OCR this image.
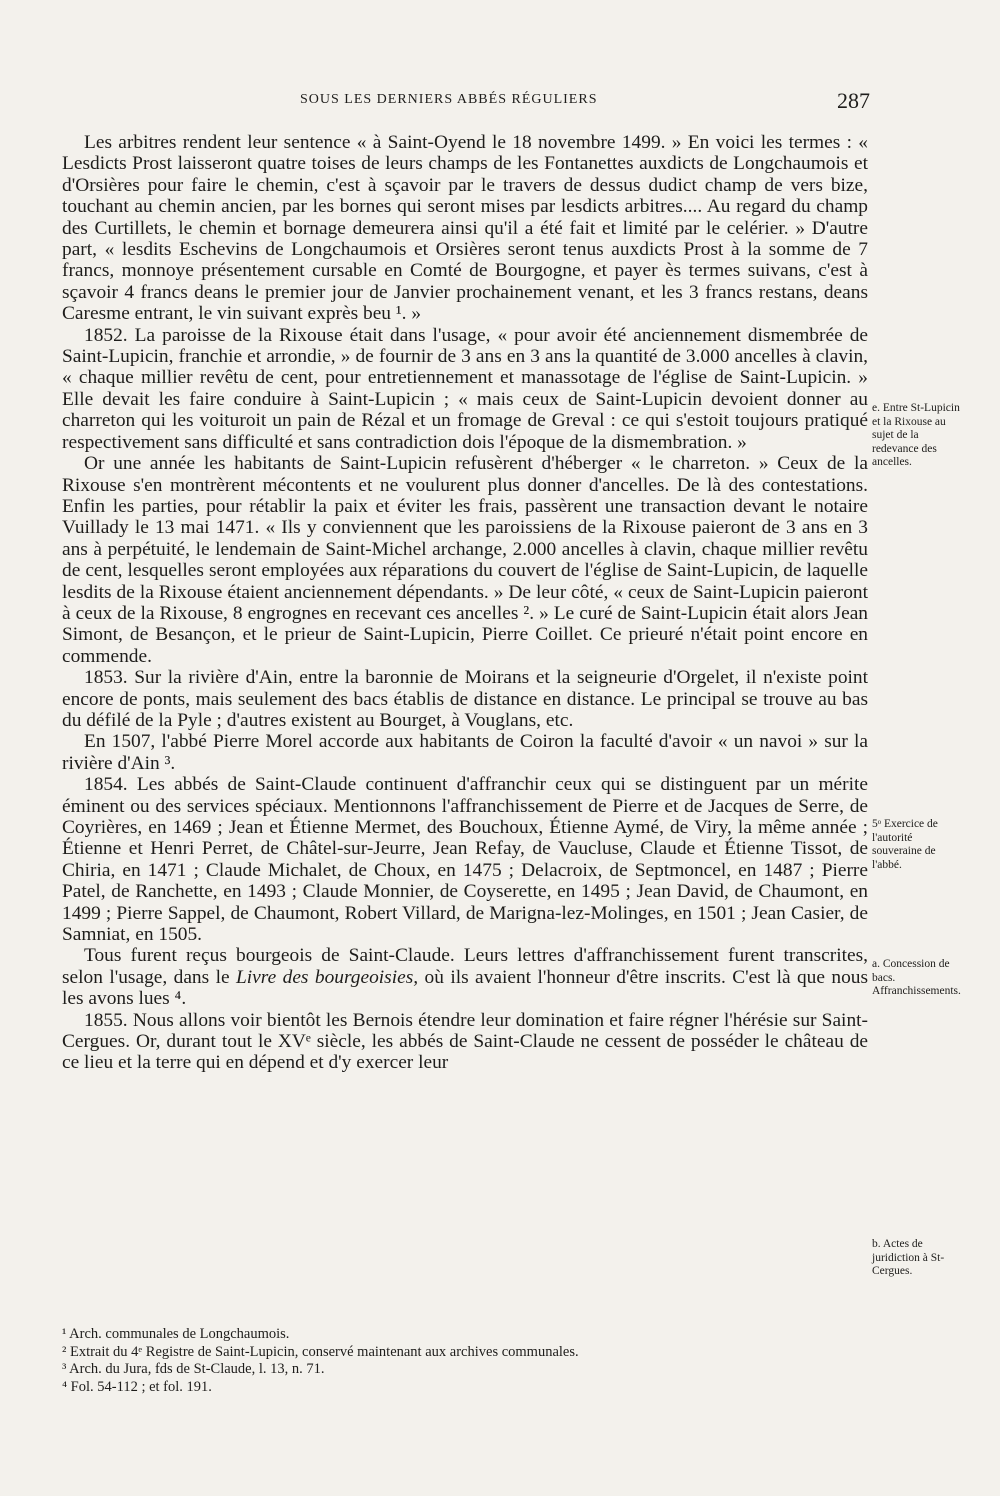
SOUS LES DERNIERS ABBÉS RÉGULIERS	287

Les arbitres rendent leur sentence « à Saint-Oyend le 18 novembre 1499. » En voici les termes : « Lesdicts Prost laisseront quatre toises de leurs champs de les Fontanettes auxdicts de Longchaumois et d'Orsières pour faire le chemin, c'est à sçavoir par le travers de dessus dudict champ de vers bize, touchant au chemin ancien, par les bornes qui seront mises par lesdicts arbitres.... Au regard du champ des Curtillets, le chemin et bornage demeurera ainsi qu'il a été fait et limité par le celérier. » D'autre part, « lesdits Eschevins de Longchaumois et Orsières seront tenus auxdicts Prost à la somme de 7 francs, monnoye présentement cursable en Comté de Bourgogne, et payer ès termes suivans, c'est à sçavoir 4 francs deans le premier jour de Janvier prochainement venant, et les 3 francs restans, deans Caresme entrant, le vin suivant exprès beu ¹. »

1852. La paroisse de la Rixouse était dans l'usage, « pour avoir été anciennement dismembrée de Saint-Lupicin, franchie et arrondie, » de fournir de 3 ans en 3 ans la quantité de 3.000 ancelles à clavin, « chaque millier revêtu de cent, pour entretiennement et manassotage de l'église de Saint-Lupicin. » Elle devait les faire conduire à Saint-Lupicin ; « mais ceux de Saint-Lupicin devoient donner au charreton qui les voituroit un pain de Rézal et un fromage de Greval : ce qui s'estoit toujours pratiqué respectivement sans difficulté et sans contradiction dois l'époque de la dismembration. »

Or une année les habitants de Saint-Lupicin refusèrent d'héberger « le charreton. » Ceux de la Rixouse s'en montrèrent mécontents et ne voulurent plus donner d'ancelles. De là des contestations. Enfin les parties, pour rétablir la paix et éviter les frais, passèrent une transaction devant le notaire Vuillady le 13 mai 1471. « Ils y conviennent que les paroissiens de la Rixouse paieront de 3 ans en 3 ans à perpétuité, le lendemain de Saint-Michel archange, 2.000 ancelles à clavin, chaque millier revêtu de cent, lesquelles seront employées aux réparations du couvert de l'église de Saint-Lupicin, de laquelle lesdits de la Rixouse étaient anciennement dépendants. » De leur côté, « ceux de Saint-Lupicin paieront à ceux de la Rixouse, 8 engrognes en recevant ces ancelles ². » Le curé de Saint-Lupicin était alors Jean Simont, de Besançon, et le prieur de Saint-Lupicin, Pierre Coillet. Ce prieuré n'était point encore en commende.

1853. Sur la rivière d'Ain, entre la baronnie de Moirans et la seigneurie d'Orgelet, il n'existe point encore de ponts, mais seulement des bacs établis de distance en distance. Le principal se trouve au bas du défilé de la Pyle ; d'autres existent au Bourget, à Vouglans, etc.

En 1507, l'abbé Pierre Morel accorde aux habitants de Coiron la faculté d'avoir « un navoi » sur la rivière d'Ain ³.

1854. Les abbés de Saint-Claude continuent d'affranchir ceux qui se distinguent par un mérite éminent ou des services spéciaux. Mentionnons l'affranchissement de Pierre et de Jacques de Serre, de Coyrières, en 1469 ; Jean et Étienne Mermet, des Bouchoux, Étienne Aymé, de Viry, la même année ; Étienne et Henri Perret, de Châtel-sur-Jeurre, Jean Refay, de Vaucluse, Claude et Étienne Tissot, de Chiria, en 1471 ; Claude Michalet, de Choux, en 1475 ; Delacroix, de Septmoncel, en 1487 ; Pierre Patel, de Ranchette, en 1493 ; Claude Monnier, de Coyserette, en 1495 ; Jean David, de Chaumont, en 1499 ; Pierre Sappel, de Chaumont, Robert Villard, de Marigna-lez-Molinges, en 1501 ; Jean Casier, de Samniat, en 1505.

Tous furent reçus bourgeois de Saint-Claude. Leurs lettres d'affranchissement furent transcrites, selon l'usage, dans le Livre des bourgeoisies, où ils avaient l'honneur d'être inscrits. C'est là que nous les avons lues ⁴.

1855. Nous allons voir bientôt les Bernois étendre leur domination et faire régner l'hérésie sur Saint-Cergues. Or, durant tout le XVᵉ siècle, les abbés de Saint-Claude ne cessent de posséder le château de ce lieu et la terre qui en dépend et d'y exercer leur

e. Entre St-Lupicin et la Rixouse au sujet de la redevance des ancelles.
5ᵒ Exercice de l'autorité souveraine de l'abbé.
a. Concession de bacs. Affranchissements.
b. Actes de juridiction à St-Cergues.

¹ Arch. communales de Longchaumois.

² Extrait du 4ᵉ Registre de Saint-Lupicin, conservé maintenant aux archives communales.

³ Arch. du Jura, fds de St-Claude, l. 13, n. 71.

⁴ Fol. 54-112 ; et fol. 191.
